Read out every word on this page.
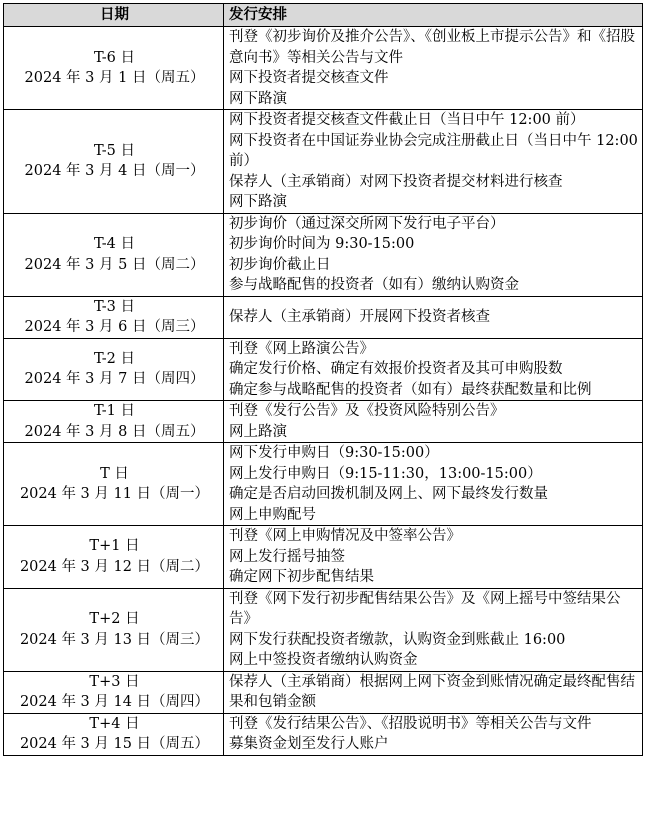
日期	发行安排

T-6 日
2024 年 3 月 1 日（周五）	刊登《初步询价及推介公告》、《创业板上市提示公告》和《招股意向书》等相关公告与文件
网下投资者提交核查文件
网下路演

T-5 日
2024 年 3 月 4 日（周一）	网下投资者提交核查文件截止日（当日中午 12:00 前）
网下投资者在中国证券业协会完成注册截止日（当日中午 12:00 前）
保荐人（主承销商）对网下投资者提交材料进行核查
网下路演

T-4 日
2024 年 3 月 5 日（周二）	初步询价（通过深交所网下发行电子平台）
初步询价时间为 9:30-15:00
初步询价截止日
参与战略配售的投资者（如有）缴纳认购资金

T-3 日
2024 年 3 月 6 日（周三）	保荐人（主承销商）开展网下投资者核查

T-2 日
2024 年 3 月 7 日（周四）	刊登《网上路演公告》
确定发行价格、确定有效报价投资者及其可申购股数
确定参与战略配售的投资者（如有）最终获配数量和比例

T-1 日
2024 年 3 月 8 日（周五）	刊登《发行公告》及《投资风险特别公告》
网上路演

T 日
2024 年 3 月 11 日（周一）	网下发行申购日（9:30-15:00）
网上发行申购日（9:15-11:30，13:00-15:00）
确定是否启动回拨机制及网上、网下最终发行数量
网上申购配号

T+1 日
2024 年 3 月 12 日（周二）	刊登《网上申购情况及中签率公告》
网上发行摇号抽签
确定网下初步配售结果

T+2 日
2024 年 3 月 13 日（周三）	刊登《网下发行初步配售结果公告》及《网上摇号中签结果公告》
网下发行获配投资者缴款，认购资金到账截止 16:00
网上中签投资者缴纳认购资金

T+3 日
2024 年 3 月 14 日（周四）	保荐人（主承销商）根据网上网下资金到账情况确定最终配售结果和包销金额

T+4 日
2024 年 3 月 15 日（周五）	刊登《发行结果公告》、《招股说明书》等相关公告与文件
募集资金划至发行人账户
